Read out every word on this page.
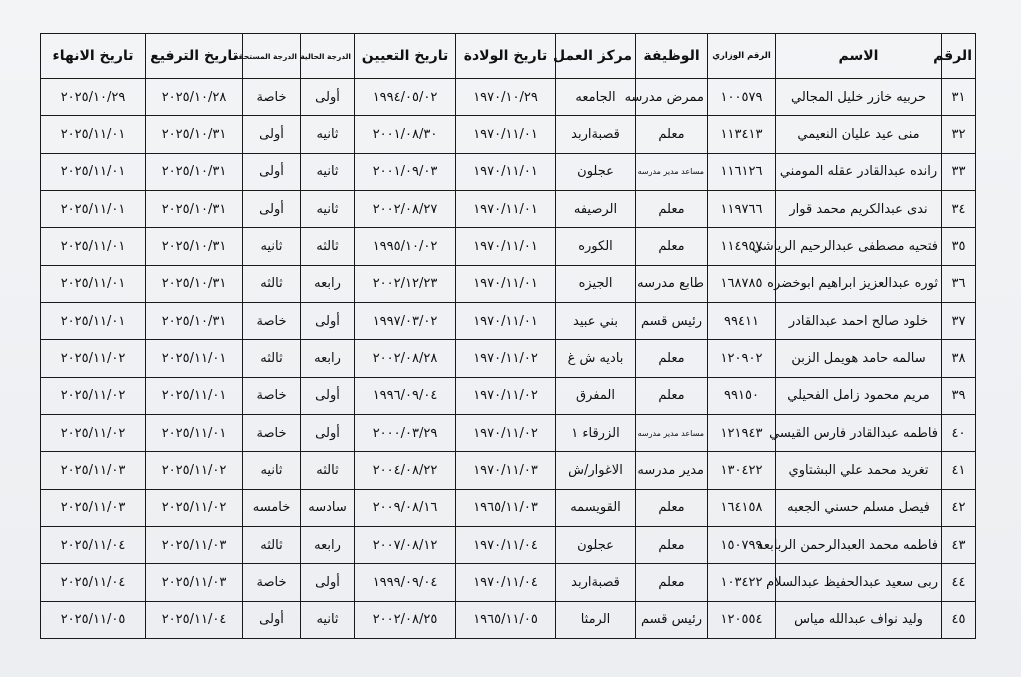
الرقم	الاسم	الرقم الوزاري	الوظيفة	مركز العمل	تاريخ الولادة	تاريخ التعيين	الدرجة الحالية	الدرجة المستحقة	تاريخ الترفيع	تاريخ الانهاء
٣١	حربيه خازر خليل المجالي	١٠٠٥٧٩	ممرض مدرسه	الجامعه	١٩٧٠/١٠/٢٩	١٩٩٤/٠٥/٠٢	أولى	خاصة	٢٠٢٥/١٠/٢٨	٢٠٢٥/١٠/٢٩
٣٢	منى عيد عليان النعيمي	١١٣٤١٣	معلم	قصبةاربد	١٩٧٠/١١/٠١	٢٠٠١/٠٨/٣٠	ثانيه	أولى	٢٠٢٥/١٠/٣١	٢٠٢٥/١١/٠١
٣٣	رانده عبدالقادر عقله المومني	١١٦١٢٦	مساعد مدير مدرسه	عجلون	١٩٧٠/١١/٠١	٢٠٠١/٠٩/٠٣	ثانيه	أولى	٢٠٢٥/١٠/٣١	٢٠٢٥/١١/٠١
٣٤	ندى عبدالكريم محمد قوار	١١٩٧٦٦	معلم	الرصيفه	١٩٧٠/١١/٠١	٢٠٠٢/٠٨/٢٧	ثانيه	أولى	٢٠٢٥/١٠/٣١	٢٠٢٥/١١/٠١
٣٥	فتحيه مصطفى عبدالرحيم الرياشي	١١٤٩٥٧	معلم	الكوره	١٩٧٠/١١/٠١	١٩٩٥/١٠/٠٢	ثالثه	ثانيه	٢٠٢٥/١٠/٣١	٢٠٢٥/١١/٠١
٣٦	ثوره عبدالعزيز ابراهيم ابوخضره	١٦٨٧٨٥	طابع مدرسه	الجيزه	١٩٧٠/١١/٠١	٢٠٠٢/١٢/٢٣	رابعه	ثالثه	٢٠٢٥/١٠/٣١	٢٠٢٥/١١/٠١
٣٧	خلود صالح احمد عبدالقادر	٩٩٤١١	رئيس قسم	بني عبيد	١٩٧٠/١١/٠١	١٩٩٧/٠٣/٠٢	أولى	خاصة	٢٠٢٥/١٠/٣١	٢٠٢٥/١١/٠١
٣٨	سالمه حامد هويمل الزبن	١٢٠٩٠٢	معلم	باديه ش غ	١٩٧٠/١١/٠٢	٢٠٠٢/٠٨/٢٨	رابعه	ثالثه	٢٠٢٥/١١/٠١	٢٠٢٥/١١/٠٢
٣٩	مريم محمود زامل الفحيلي	٩٩١٥٠	معلم	المفرق	١٩٧٠/١١/٠٢	١٩٩٦/٠٩/٠٤	أولى	خاصة	٢٠٢٥/١١/٠١	٢٠٢٥/١١/٠٢
٤٠	فاطمه عبدالقادر فارس القيسي	١٢١٩٤٣	مساعد مدير مدرسه	الزرقاء ١	١٩٧٠/١١/٠٢	٢٠٠٠/٠٣/٢٩	أولى	خاصة	٢٠٢٥/١١/٠١	٢٠٢٥/١١/٠٢
٤١	تغريد محمد علي البشتاوي	١٣٠٤٢٢	مدير مدرسه	الاغوار/ش	١٩٧٠/١١/٠٣	٢٠٠٤/٠٨/٢٢	ثالثه	ثانيه	٢٠٢٥/١١/٠٢	٢٠٢٥/١١/٠٣
٤٢	فيصل مسلم حسني الجعبه	١٦٤١٥٨	معلم	القويسمه	١٩٦٥/١١/٠٣	٢٠٠٩/٠٨/١٦	سادسه	خامسه	٢٠٢٥/١١/٠٢	٢٠٢٥/١١/٠٣
٤٣	فاطمه محمد العبدالرحمن الربابعه	١٥٠٧٩٩	معلم	عجلون	١٩٧٠/١١/٠٤	٢٠٠٧/٠٨/١٢	رابعه	ثالثه	٢٠٢٥/١١/٠٣	٢٠٢٥/١١/٠٤
٤٤	ربى سعيد عبدالحفيظ عبدالسلام	١٠٣٤٢٢	معلم	قصبةاربد	١٩٧٠/١١/٠٤	١٩٩٩/٠٩/٠٤	أولى	خاصة	٢٠٢٥/١١/٠٣	٢٠٢٥/١١/٠٤
٤٥	وليد نواف عبدالله مياس	١٢٠٥٥٤	رئيس قسم	الرمثا	١٩٦٥/١١/٠٥	٢٠٠٢/٠٨/٢٥	ثانيه	أولى	٢٠٢٥/١١/٠٤	٢٠٢٥/١١/٠٥
